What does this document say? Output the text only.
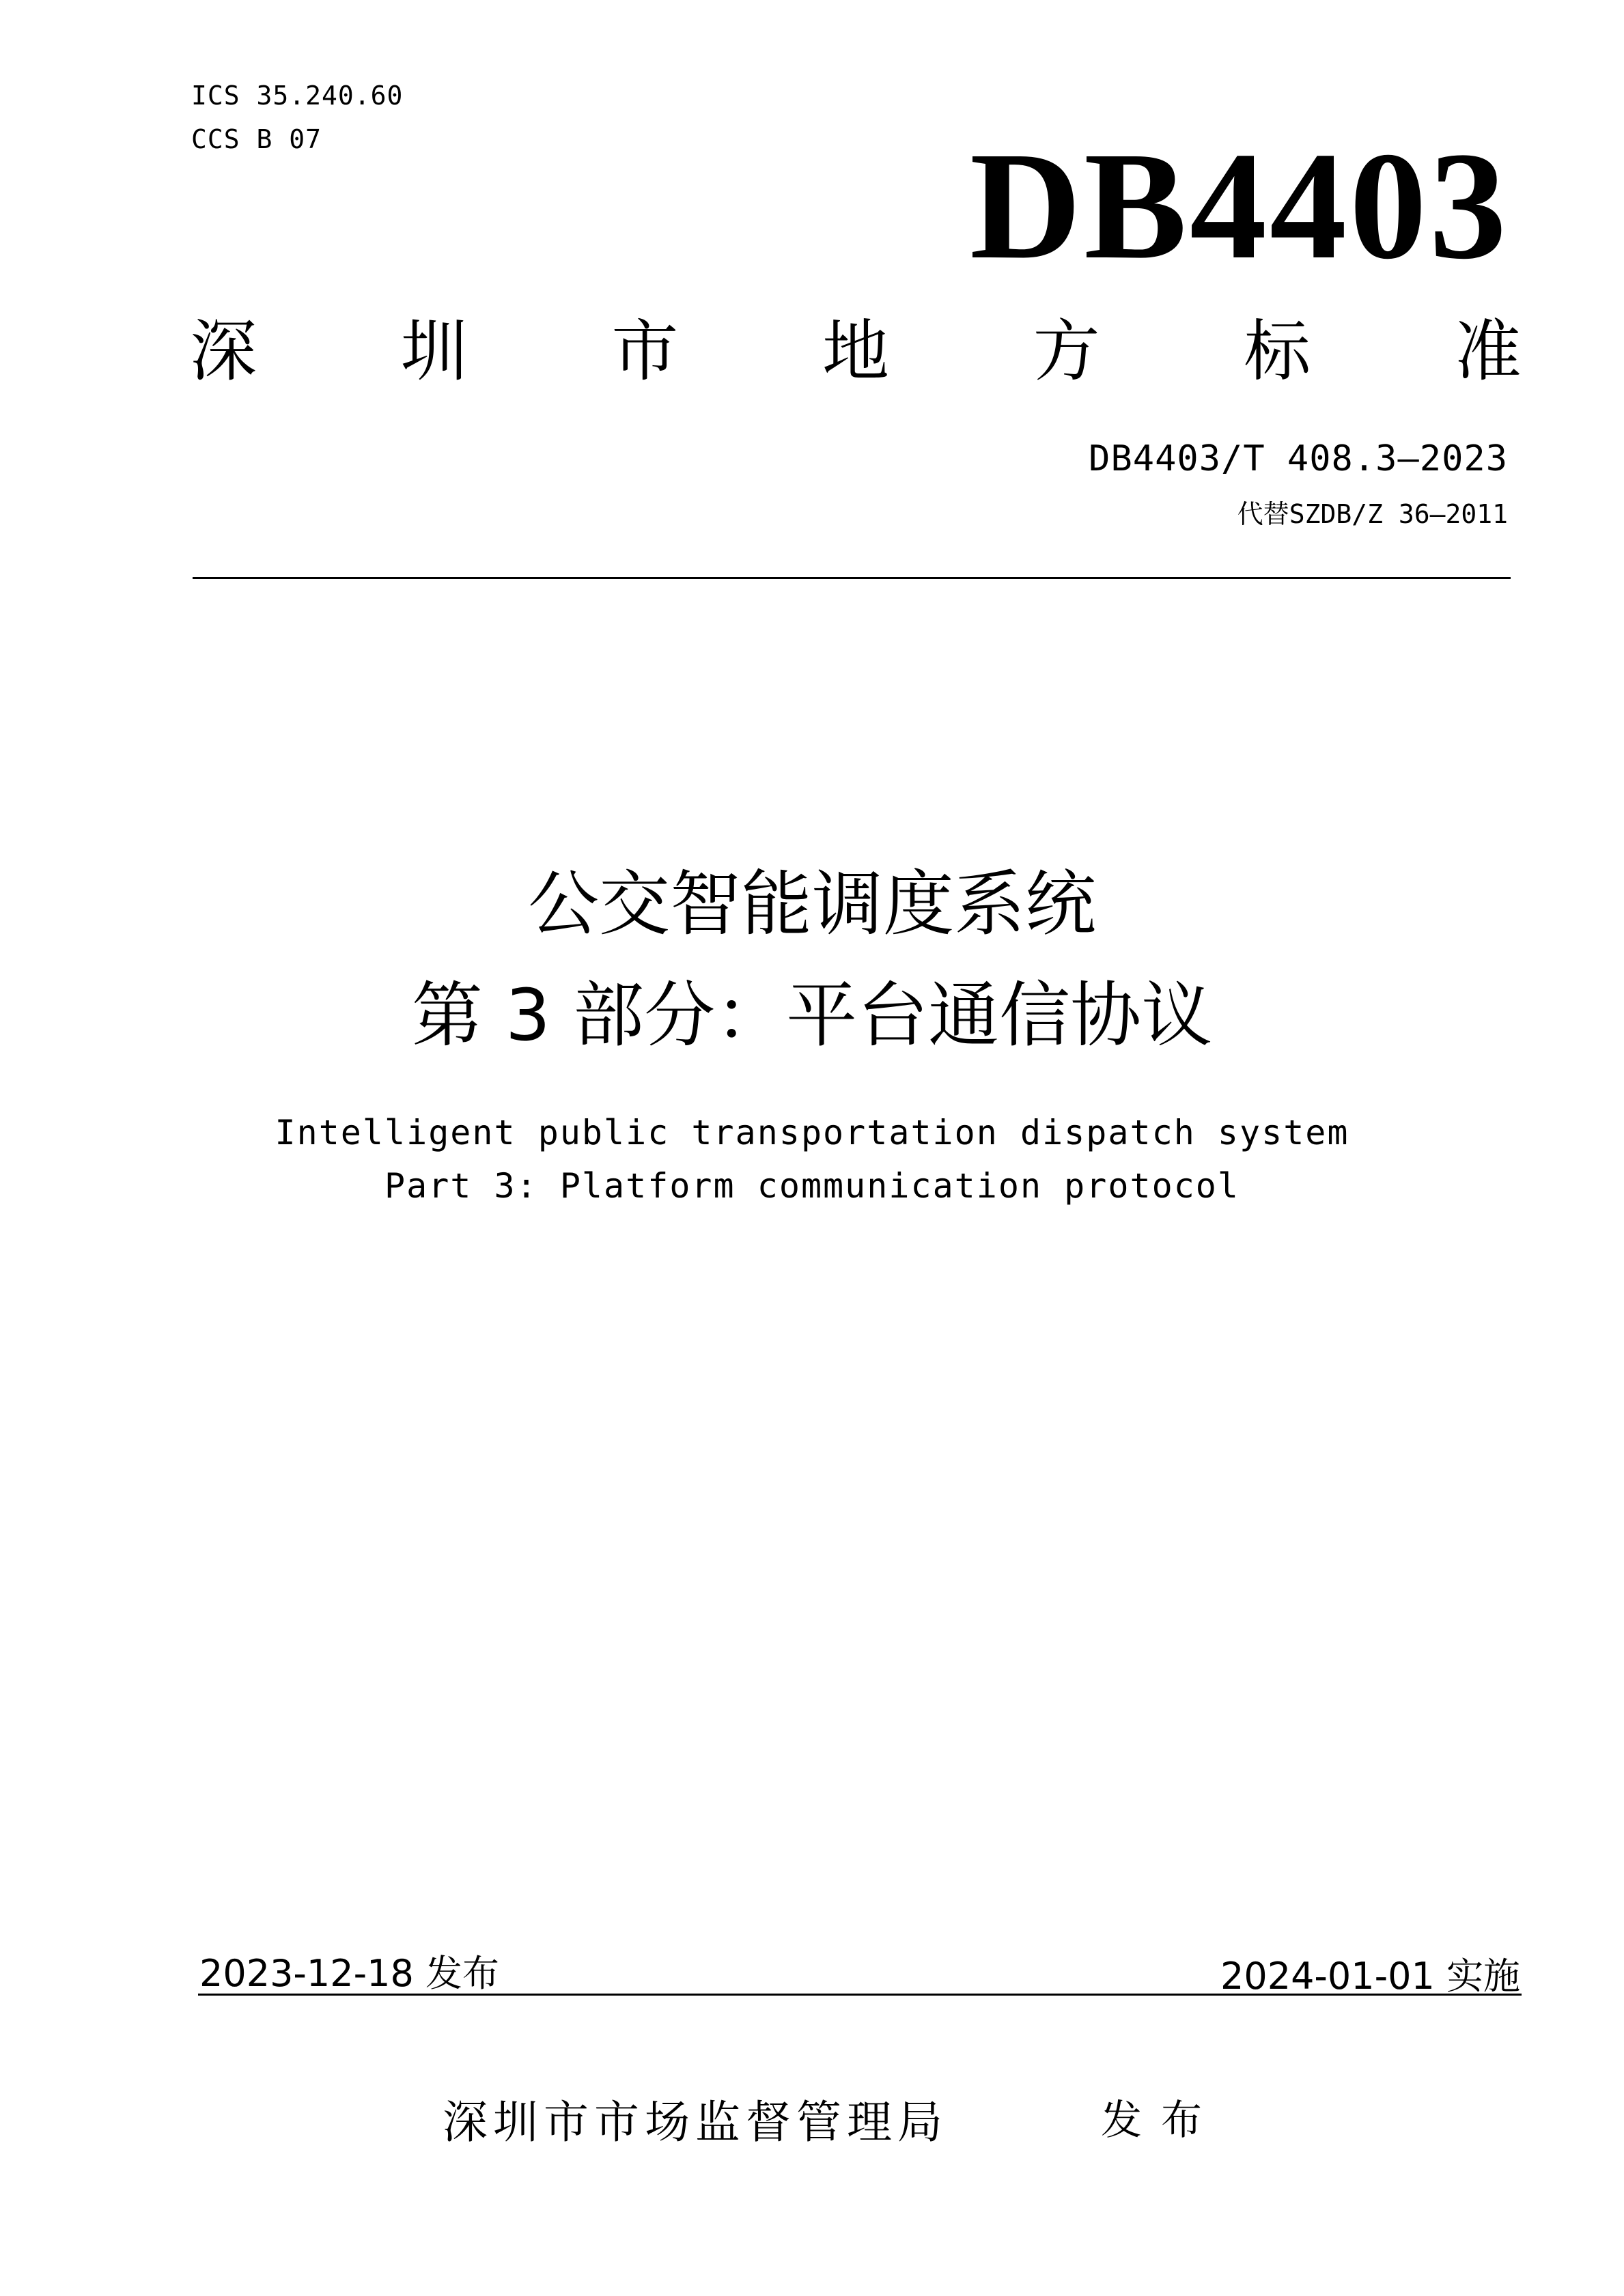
ICS 35.240.60
CCS B 07	DB4403
深 圳 市 地 方 标 准
DB4403/T 408.3—2023
代替SZDB/Z 36—2011
公交智能调度系统
第 3 部分：平台通信协议
Intelligent public transportation dispatch system
Part 3: Platform communication protocol
2023-12-18 发布	2024-01-01 实施
深圳市市场监督管理局	发布
